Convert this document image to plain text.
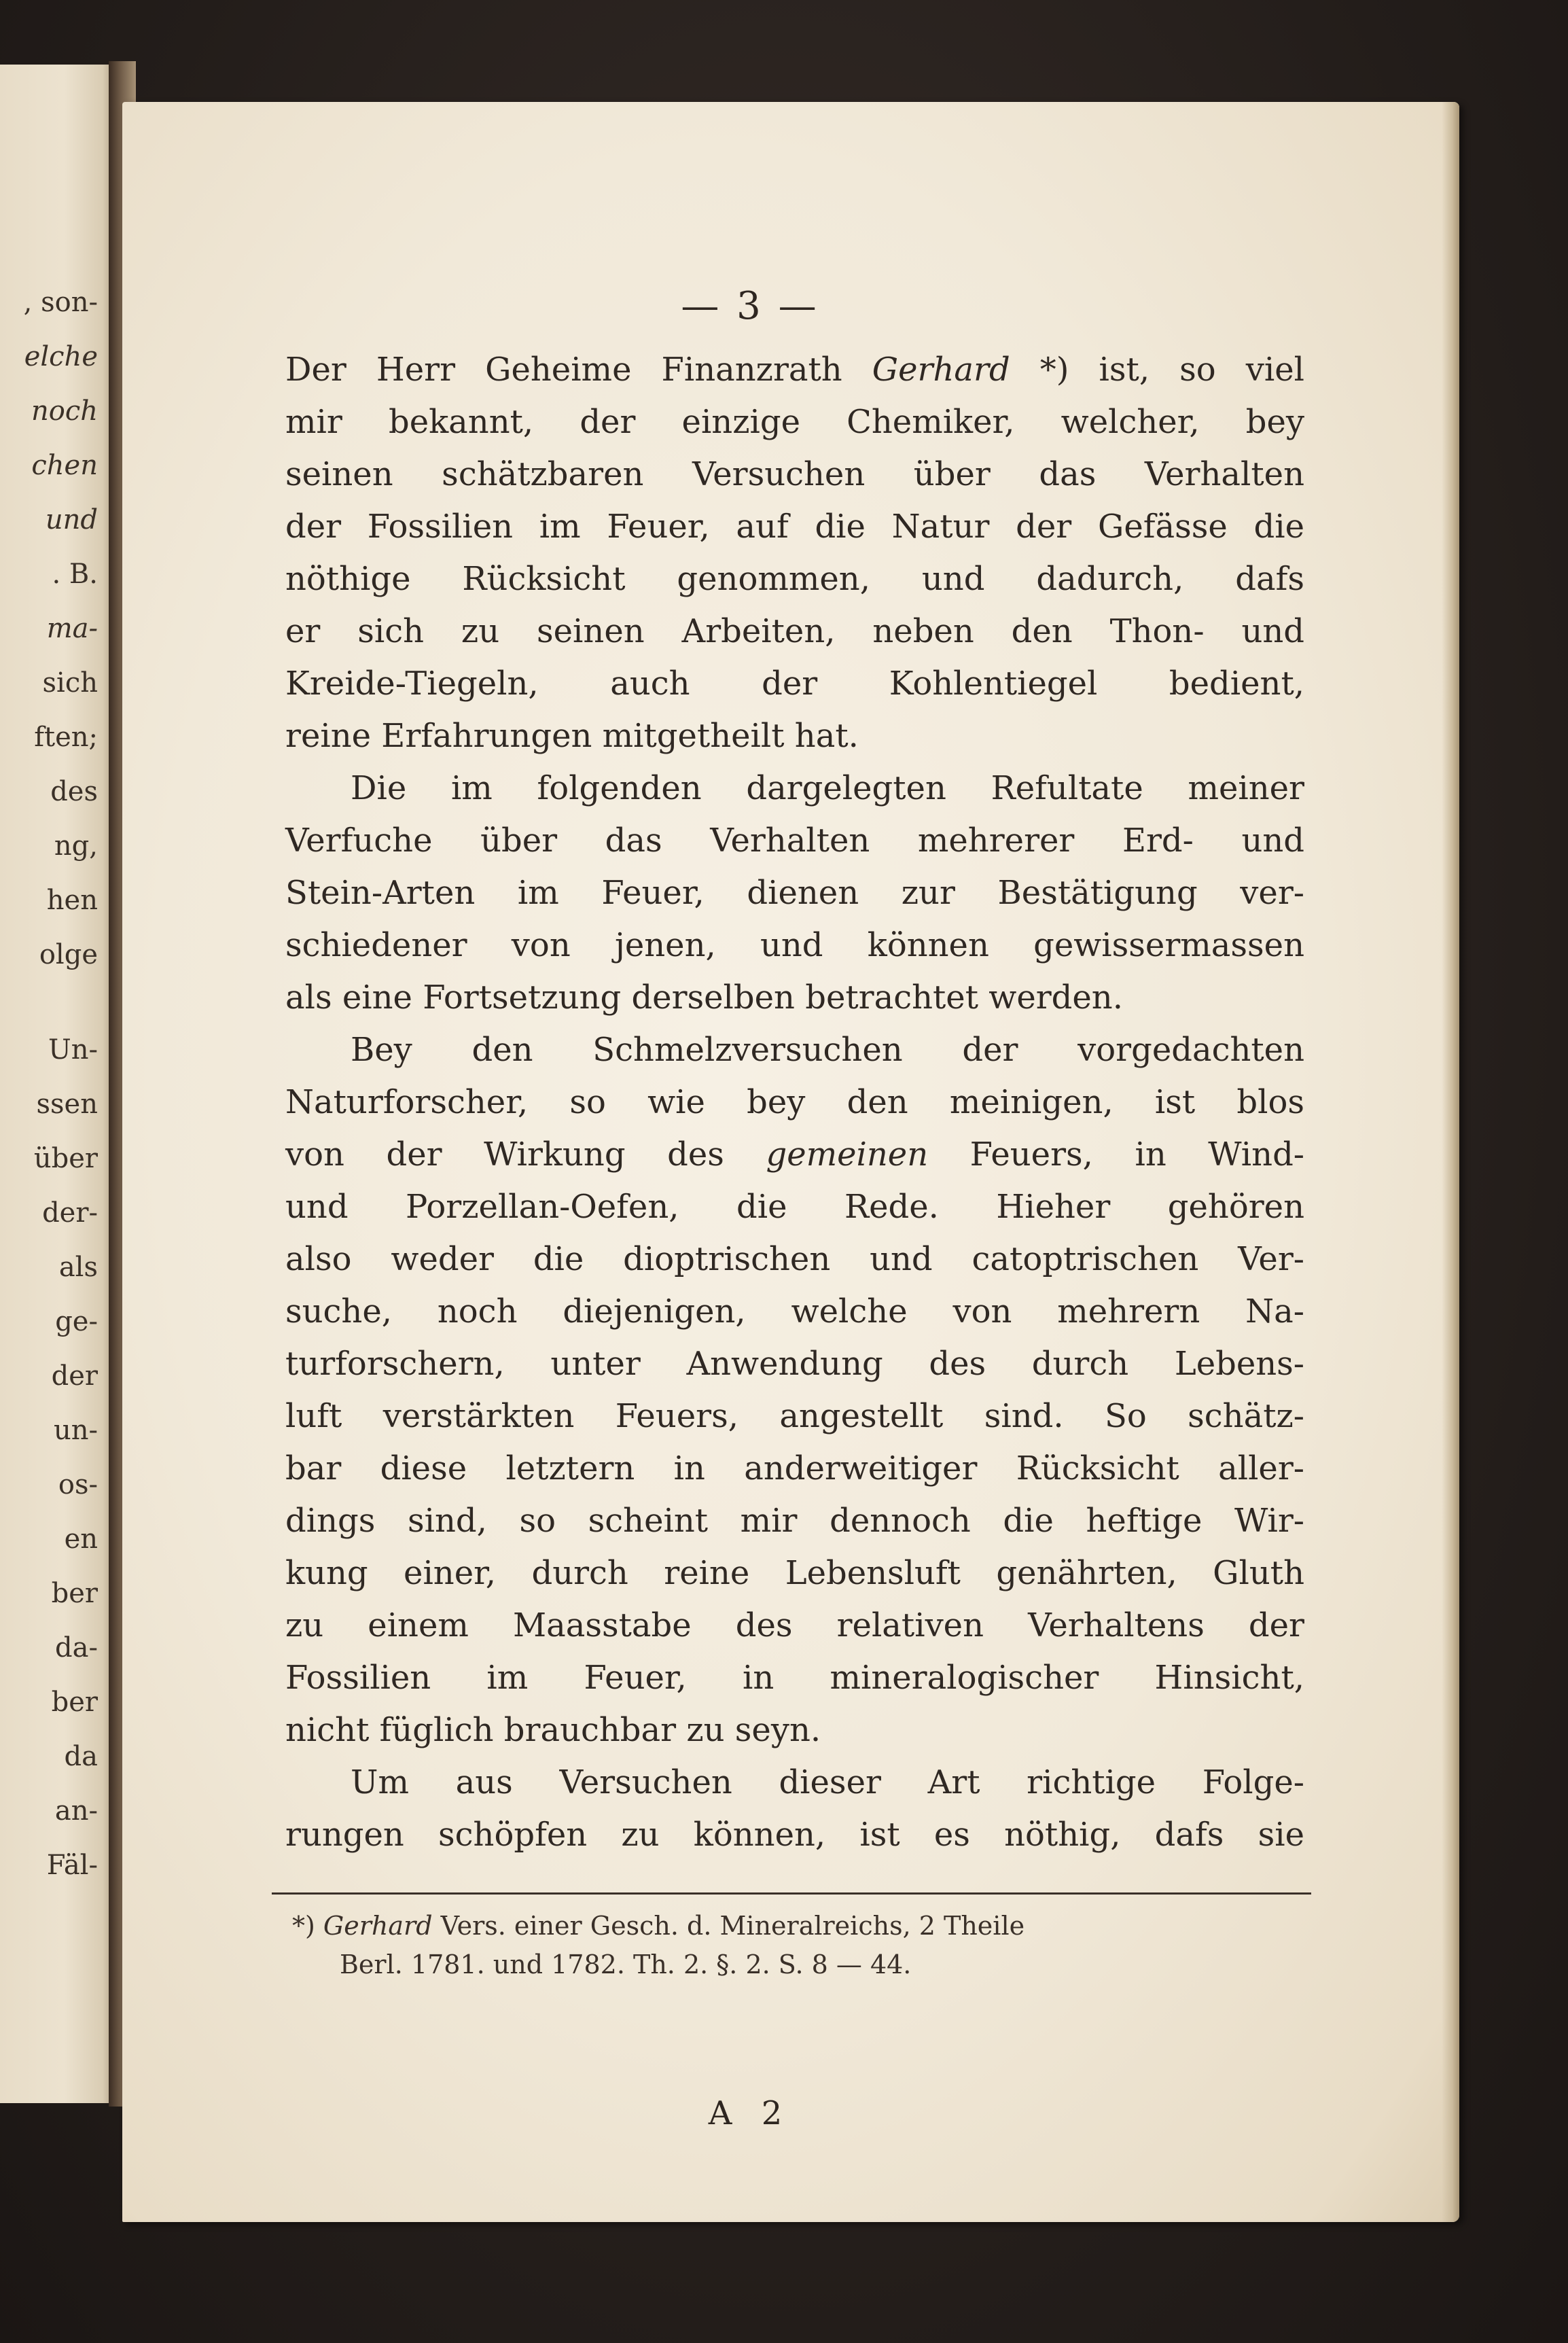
, son-
elche
noch
chen
und
. B.
ma-
sich
ften;
des
ng,
hen
olge
Un-
ssen
über
der-
als
ge-
der
un-
os-
en
ber
da-
ber
da
an-
Fäl-
— 3 —
Der Herr Geheime Finanzrath Gerhard *) ist, so viel
mir bekannt, der einzige Chemiker, welcher, bey
seinen schätzbaren Versuchen über das Verhalten
der Fossilien im Feuer, auf die Natur der Gefässe die
nöthige Rücksicht genommen, und dadurch, dafs
er sich zu seinen Arbeiten, neben den Thon- und
Kreide-Tiegeln, auch der Kohlentiegel bedient,
reine Erfahrungen mitgetheilt hat.
Die im folgenden dargelegten Refultate meiner
Verfuche über das Verhalten mehrerer Erd- und
Stein-Arten im Feuer, dienen zur Bestätigung ver-
schiedener von jenen, und können gewissermassen
als eine Fortsetzung derselben betrachtet werden.
Bey den Schmelzversuchen der vorgedachten
Naturforscher, so wie bey den meinigen, ist blos
von der Wirkung des gemeinen Feuers, in Wind-
und Porzellan-Oefen, die Rede. Hieher gehören
also weder die dioptrischen und catoptrischen Ver-
suche, noch diejenigen, welche von mehrern Na-
turforschern, unter Anwendung des durch Lebens-
luft verstärkten Feuers, angestellt sind. So schätz-
bar diese letztern in anderweitiger Rücksicht aller-
dings sind, so scheint mir dennoch die heftige Wir-
kung einer, durch reine Lebensluft genährten, Gluth
zu einem Maasstabe des relativen Verhaltens der
Fossilien im Feuer, in mineralogischer Hinsicht,
nicht füglich brauchbar zu seyn.
Um aus Versuchen dieser Art richtige Folge-
rungen schöpfen zu können, ist es nöthig, dafs sie
*) Gerhard Vers. einer Gesch. d. Mineralreichs, 2 Theile
Berl. 1781. und 1782. Th. 2. §. 2. S. 8 — 44.
A 2
